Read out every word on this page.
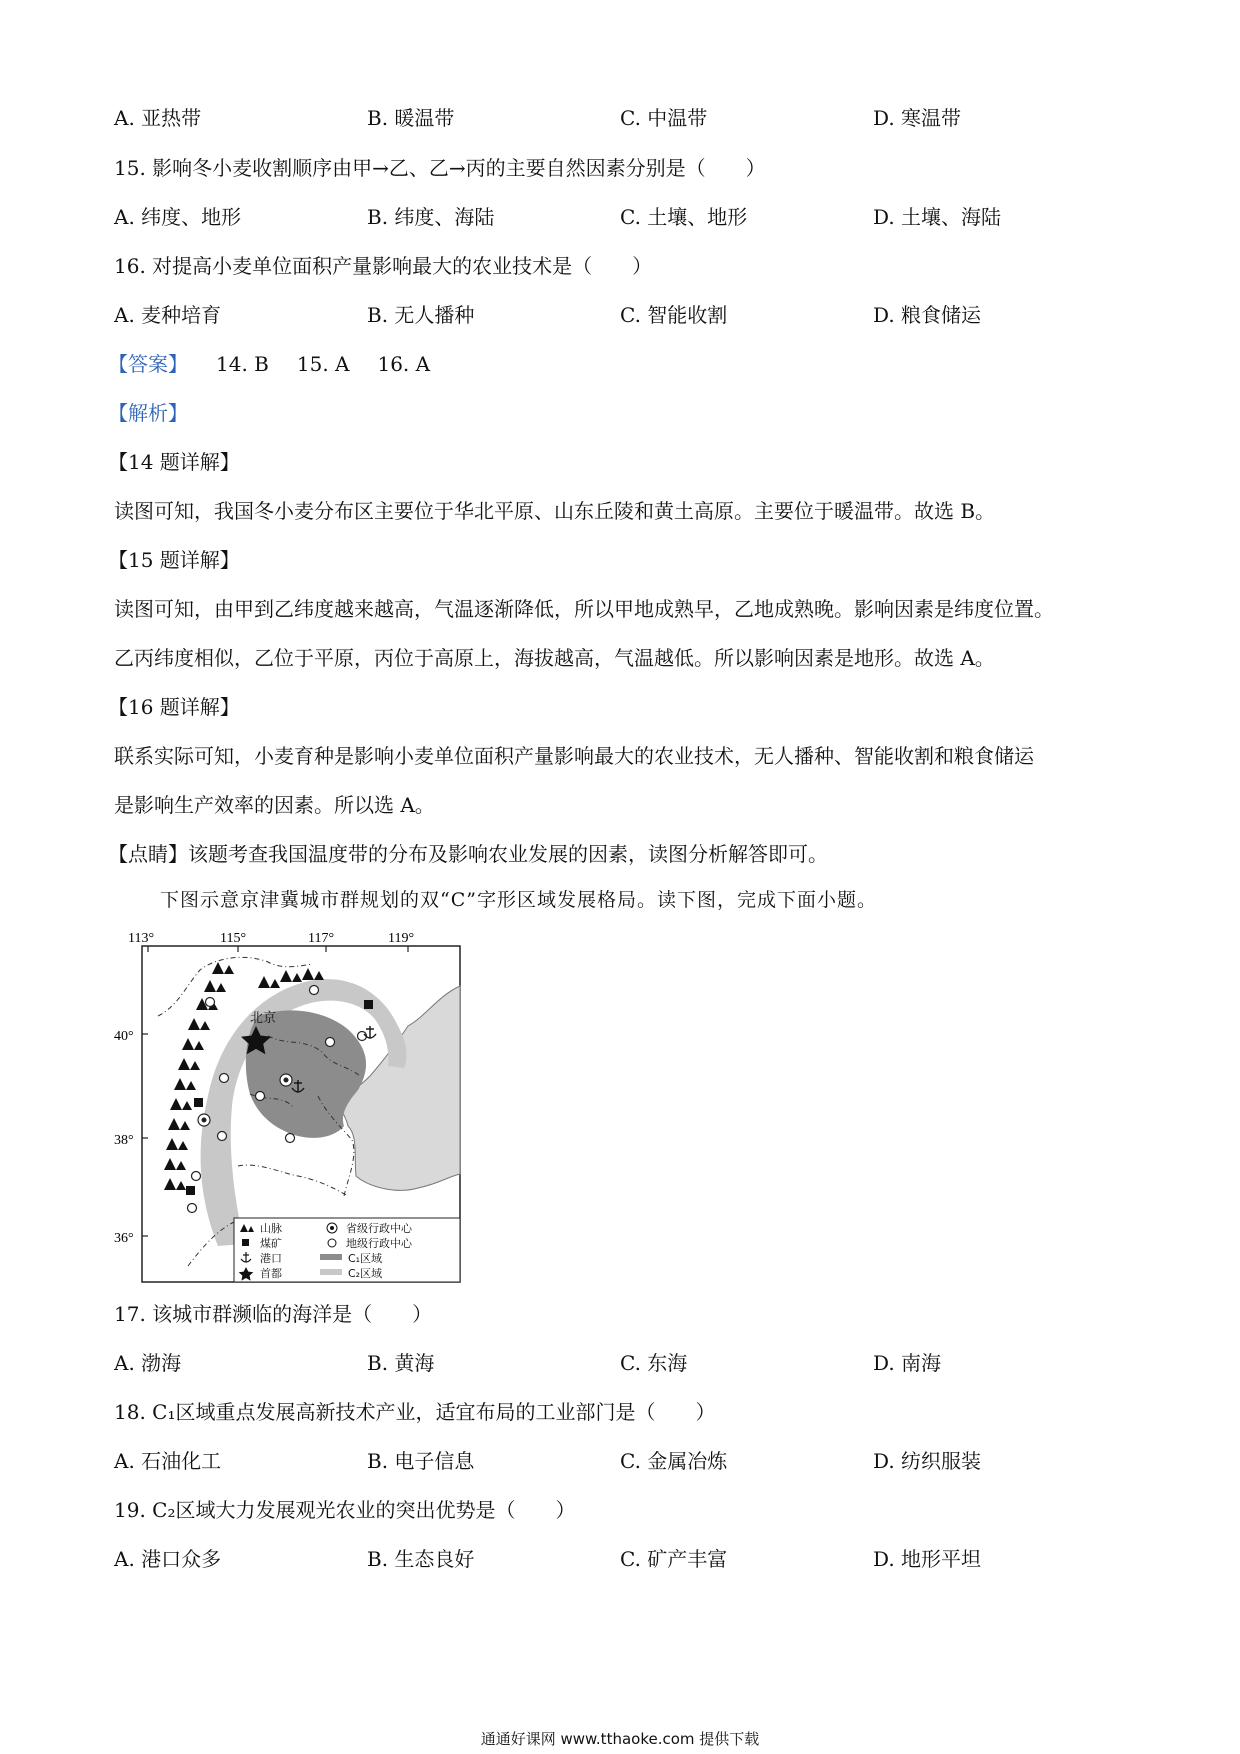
A. 亚热带	B. 暖温带	C. 中温带	D. 寒温带
15. 影响冬小麦收割顺序由甲→乙、乙→丙的主要自然因素分别是（　　）
A. 纬度、地形	B. 纬度、海陆	C. 土壤、地形	D. 土壤、海陆
16. 对提高小麦单位面积产量影响最大的农业技术是（　　）
A. 麦种培育	B. 无人播种	C. 智能收割	D. 粮食储运
【答案】 14. B 15. A 16. A
【解析】
【14 题详解】
读图可知，我国冬小麦分布区主要位于华北平原、山东丘陵和黄土高原。主要位于暖温带。故选 B。
【15 题详解】
读图可知，由甲到乙纬度越来越高，气温逐渐降低，所以甲地成熟早，乙地成熟晚。影响因素是纬度位置。
乙丙纬度相似，乙位于平原，丙位于高原上，海拔越高，气温越低。所以影响因素是地形。故选 A。
【16 题详解】
联系实际可知，小麦育种是影响小麦单位面积产量影响最大的农业技术，无人播种、智能收割和粮食储运
是影响生产效率的因素。所以选 A。
【点睛】该题考查我国温度带的分布及影响农业发展的因素，读图分析解答即可。
下图示意京津冀城市群规划的双“C”字形区域发展格局。读下图，完成下面小题。
113°	115°	117°	119°
40°
38°
36°
北京
山脉
煤矿
港口
首都
省级行政中心
地级行政中心
C₁区域
C₂区域
17. 该城市群濒临的海洋是（　　）
A. 渤海	B. 黄海	C. 东海	D. 南海
18. C₁区域重点发展高新技术产业，适宜布局的工业部门是（　　）
A. 石油化工	B. 电子信息	C. 金属冶炼	D. 纺织服装
19. C₂区域大力发展观光农业的突出优势是（　　）
A. 港口众多	B. 生态良好	C. 矿产丰富	D. 地形平坦
通通好课网 www.tthaoke.com 提供下载
